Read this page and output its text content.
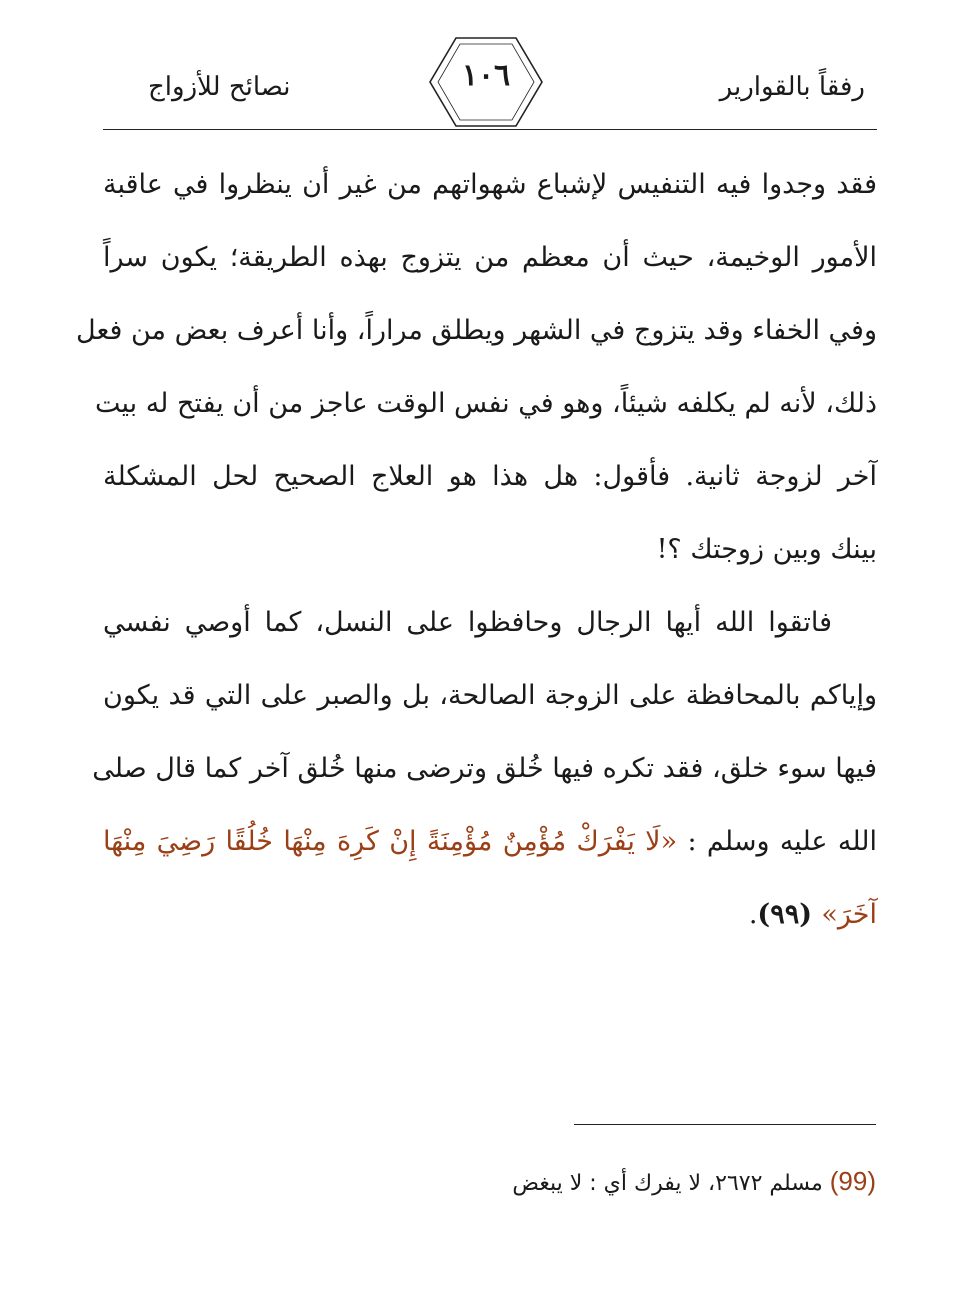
رفقاً بالقوارير
١٠٦
نصائح للأزواج
فقد وجدوا فيه التنفيس لإشباع شهواتهم من غير أن ينظروا في عاقبة
الأمور الوخيمة، حيث أن معظم من يتزوج بهذه الطريقة؛ يكون سراً
وفي الخفاء وقد يتزوج في الشهر ويطلق مراراً، وأنا أعرف بعض من فعل
ذلك، لأنه لم يكلفه شيئاً، وهو في نفس الوقت عاجز من أن يفتح له بيت
آخر لزوجة ثانية. فأقول: هل هذا هو العلاج الصحيح لحل المشكلة
بينك وبين زوجتك ؟!
فاتقوا الله أيها الرجال وحافظوا على النسل، كما أوصي نفسي
وإياكم بالمحافظة على الزوجة الصالحة، بل والصبر على التي قد يكون
فيها سوء خلق، فقد تكره فيها خُلق وترضى منها خُلق آخر كما قال صلى
الله عليه وسلم : «لَا يَفْرَكْ مُؤْمِنٌ مُؤْمِنَةً إِنْ كَرِهَ مِنْهَا خُلُقًا رَضِيَ مِنْهَا
آخَرَ» (٩٩).
(99) مسلم ٢٦٧٢، لا يفرك أي : لا يبغض
